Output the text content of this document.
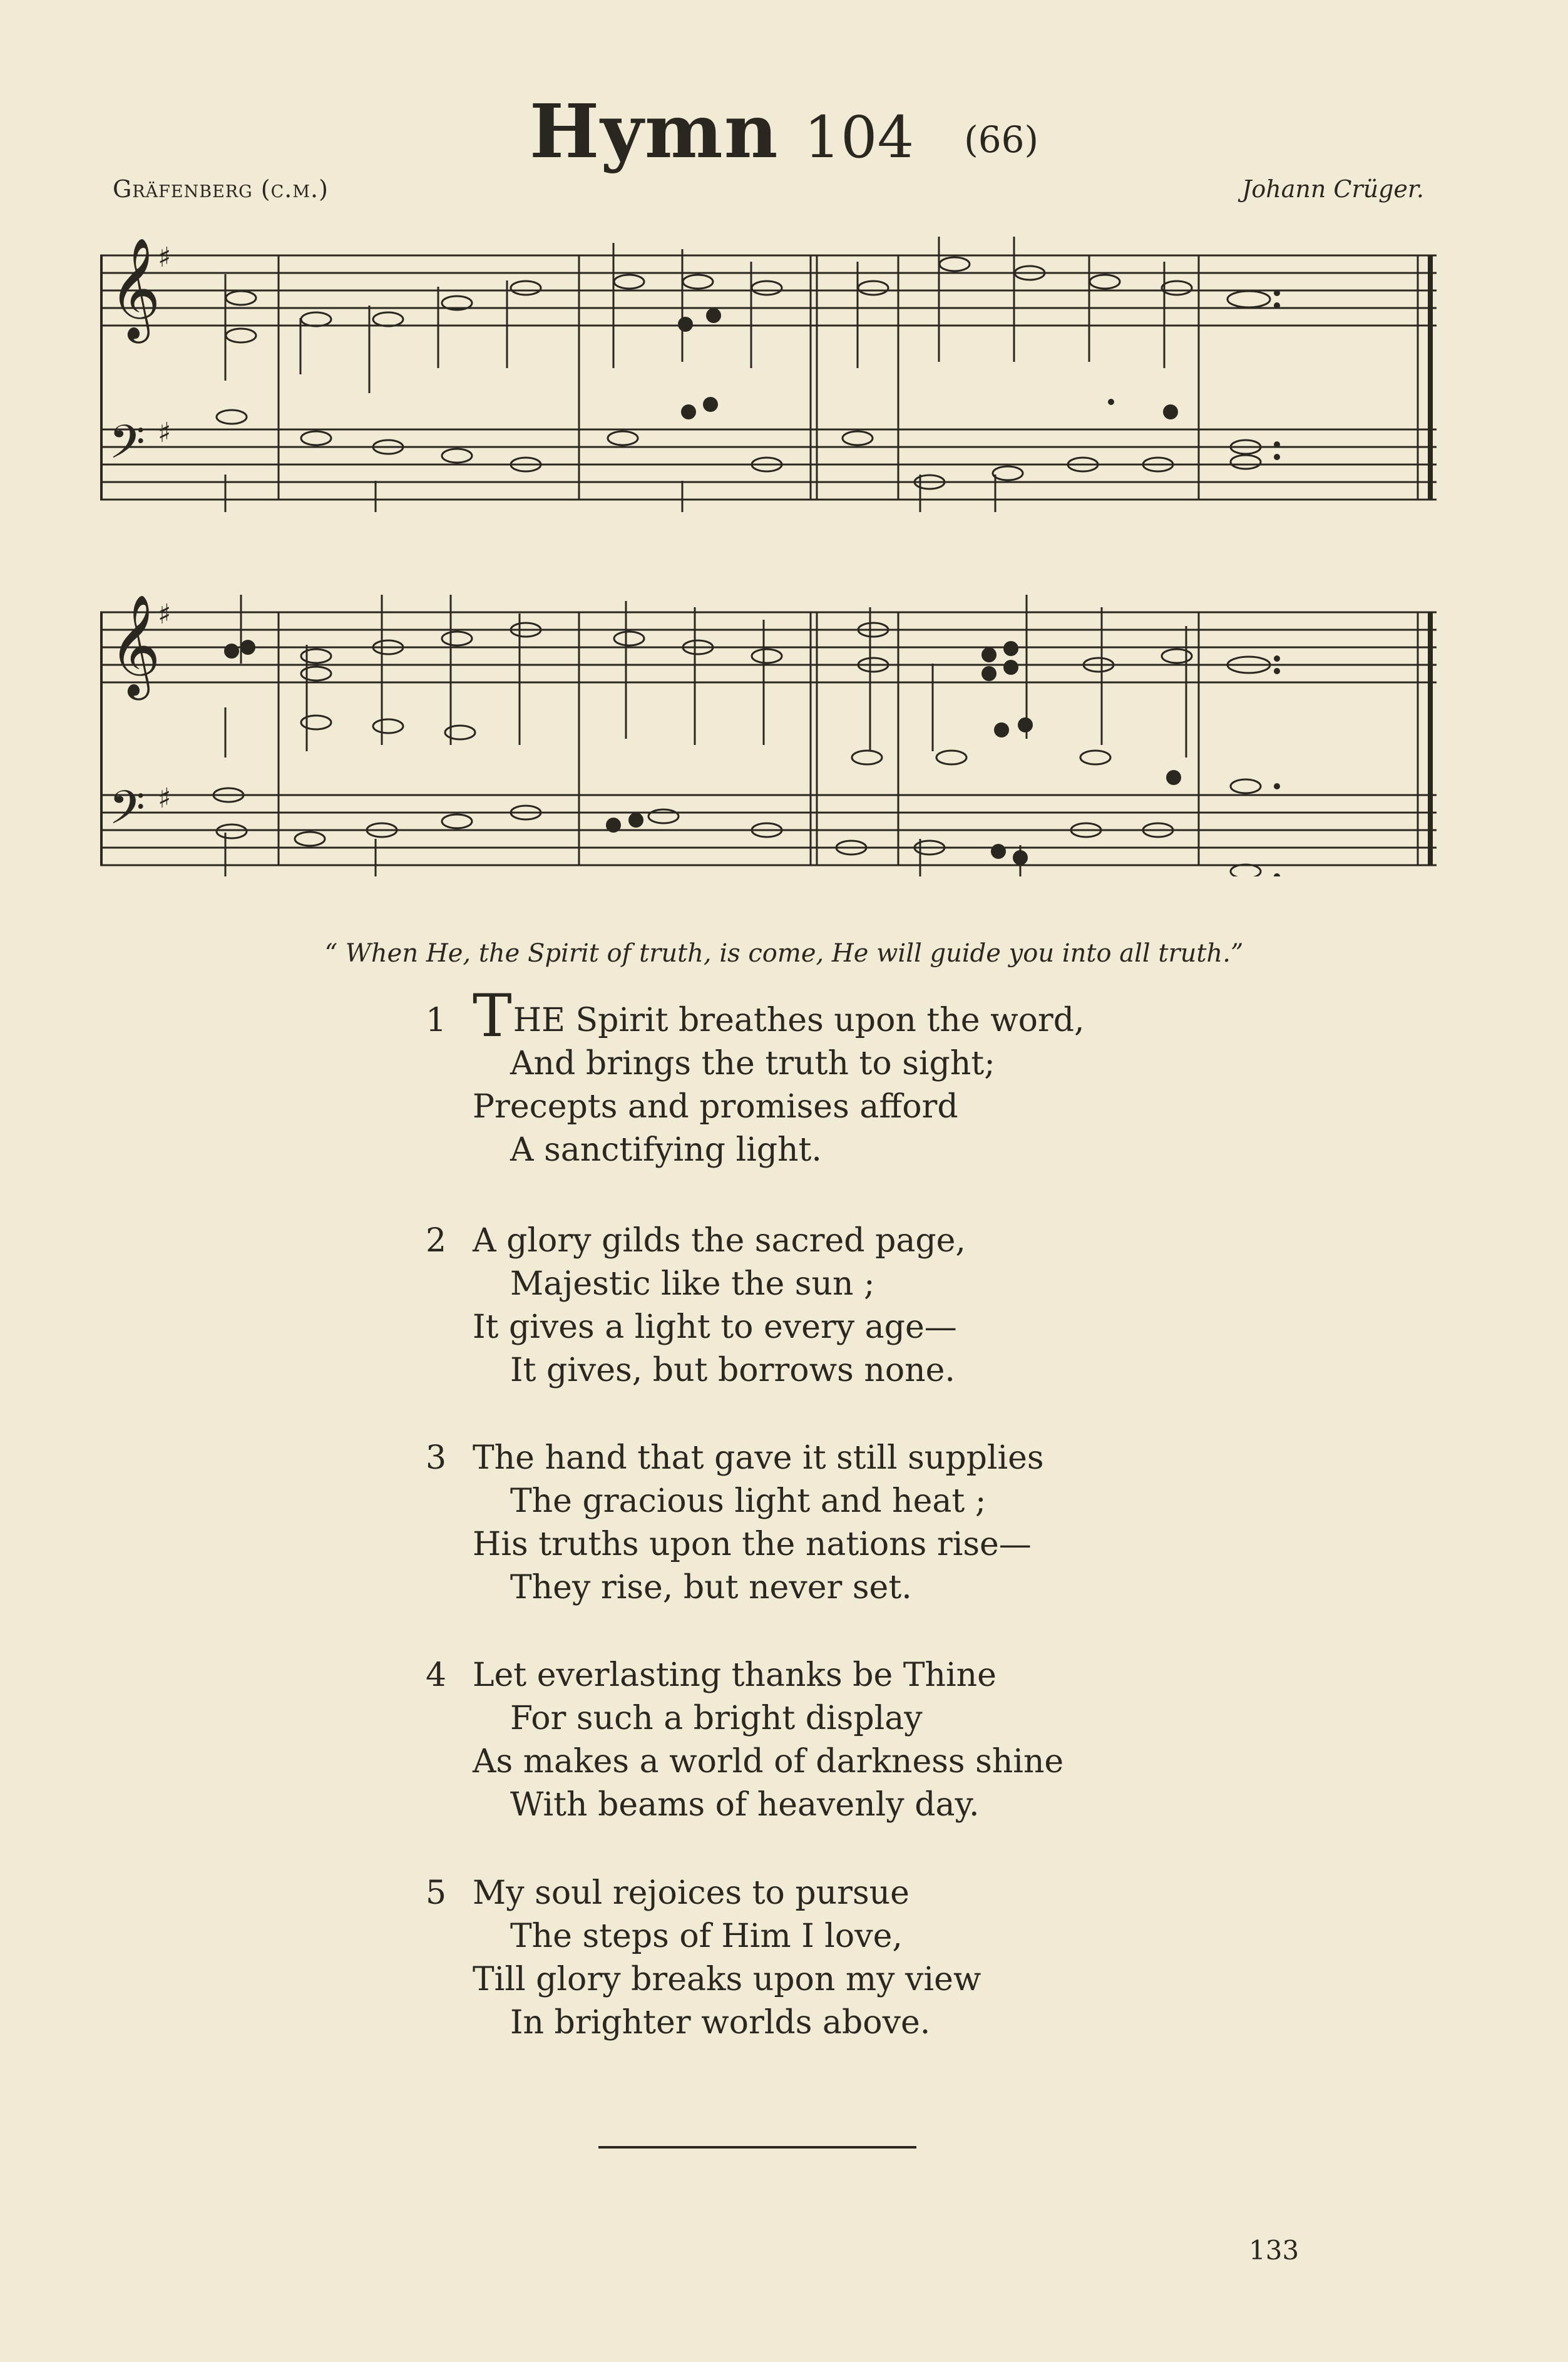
Hymn 104 (66)
Gräfenberg (c.m.)	Johann Crüger.
𝄞
♯
𝄢 ♯
𝄞
♯
𝄢 ♯
“ When He, the Spirit of truth, is come, He will guide you into all truth.”
1 THE Spirit breathes upon the word,
And brings the truth to sight;
Precepts and promises afford
A sanctifying light.
2 A glory gilds the sacred page,
Majestic like the sun ;
It gives a light to every age—
It gives, but borrows none.
3 The hand that gave it still supplies
The gracious light and heat ;
His truths upon the nations rise—
They rise, but never set.
4 Let everlasting thanks be Thine
For such a bright display
As makes a world of darkness shine
With beams of heavenly day.
5 My soul rejoices to pursue
The steps of Him I love,
Till glory breaks upon my view
In brighter worlds above.
133
